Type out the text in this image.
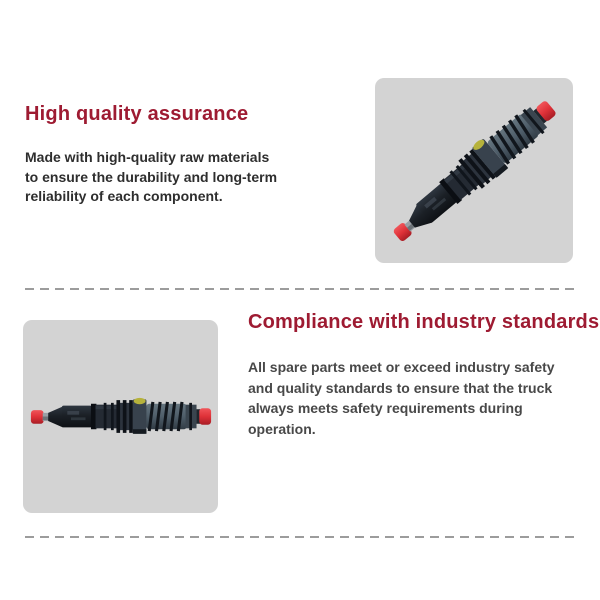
High quality assurance
Made with high-quality raw materials
to ensure the durability and long-term
reliability of each component.
Compliance with industry standards
All spare parts meet or exceed industry safety
and quality standards to ensure that the truck
always meets safety requirements during
operation.
